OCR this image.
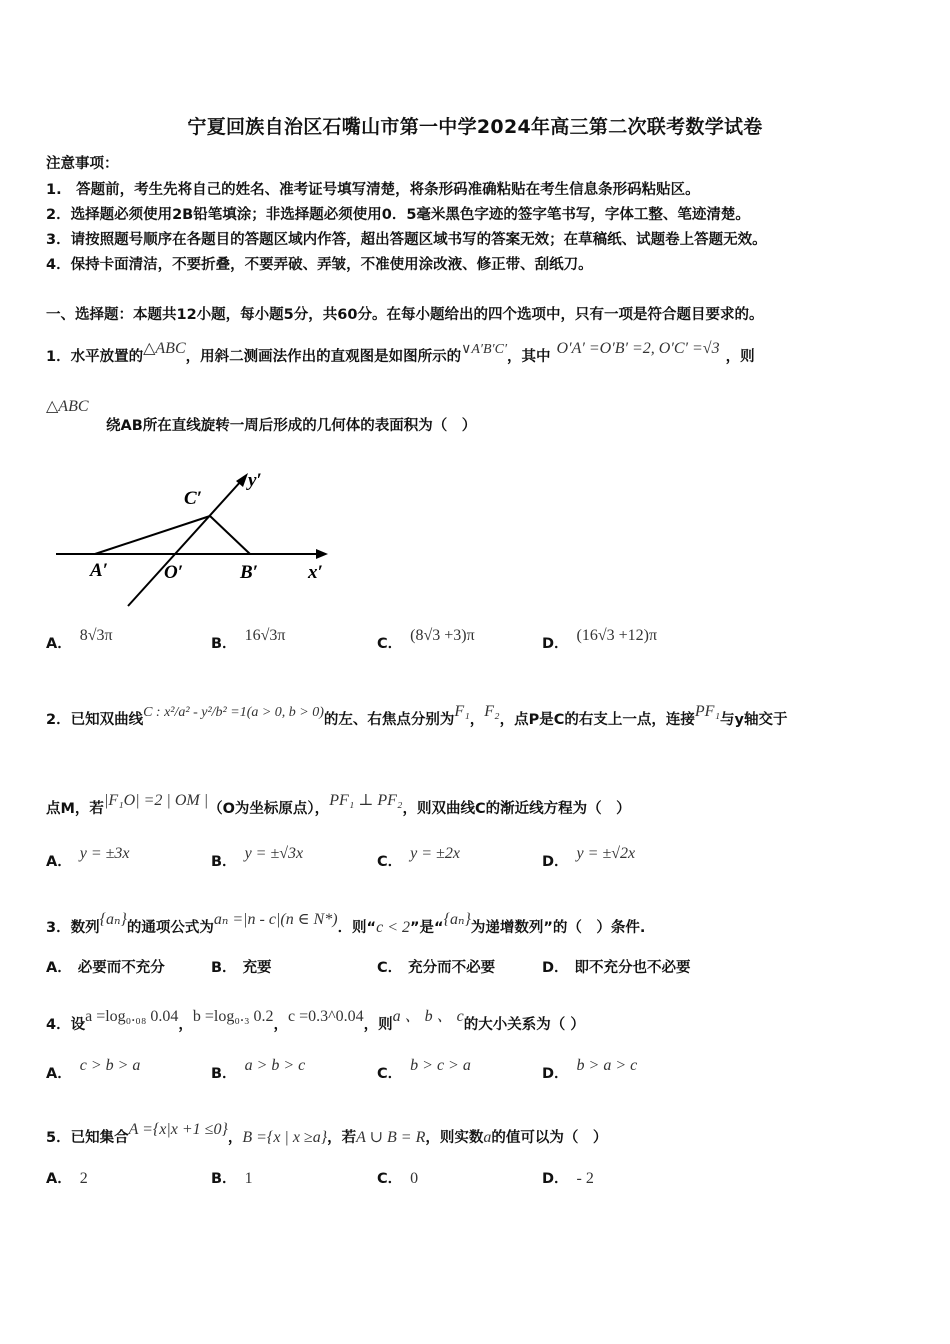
宁夏回族自治区石嘴山市第一中学2024年高三第二次联考数学试卷
注意事项：
1.　答题前，考生先将自己的姓名、准考证号填写清楚，将条形码准确粘贴在考生信息条形码粘贴区。
2．选择题必须使用2B铅笔填涂；非选择题必须使用0．5毫米黑色字迹的签字笔书写，字体工整、笔迹清楚。
3．请按照题号顺序在各题目的答题区域内作答，超出答题区域书写的答案无效；在草稿纸、试题卷上答题无效。
4．保持卡面清洁，不要折叠，不要弄破、弄皱，不准使用涂改液、修正带、刮纸刀。
一、选择题：本题共12小题，每小题5分，共60分。在每小题给出的四个选项中，只有一项是符合题目要求的。
1．水平放置的△ABC，用斜二测画法作出的直观图是如图所示的∨A′B′C′，其中 O′A′ =O′B′ =2, O′C′ =√3 ，则
△ABC
绕AB所在直线旋转一周后形成的几何体的表面积为（　）
C′
y′
A′	O′	B′	x′
A． 8√3π	B． 16√3π	C． (8√3 +3)π	D． (16√3 +12)π
2．已知双曲线C : x²/a² - y²/b² =1(a > 0, b > 0)的左、右焦点分别为F₁，F₂，点P是C的右支上一点，连接PF₁与y轴交于
点M，若|F₁O| =2 | OM |（O为坐标原点），PF₁ ⊥ PF₂，则双曲线C的渐近线方程为（　）
A． y = ±3x	B． y = ±√3x	C． y = ±2x	D． y = ±√2x
3．数列{aₙ}的通项公式为aₙ =|n - c|(n ∈ N*)．则“c < 2”是“{aₙ}为递增数列”的（　）条件.
A． 必要而不充分	B． 充要	C． 充分而不必要	D． 即不充分也不必要
4．设a =log₀.₀₈ 0.04，b =log₀.₃ 0.2，c =0.3^0.04，则a 、 b 、 c的大小关系为（ ）
A． c > b > a	B． a > b > c	C． b > c > a	D． b > a > c
5．已知集合A ={x|x +1 ≤0}，B ={x | x ≥a}，若A ∪ B = R，则实数a的值可以为（　）
A． 2	B． 1	C． 0	D． - 2
